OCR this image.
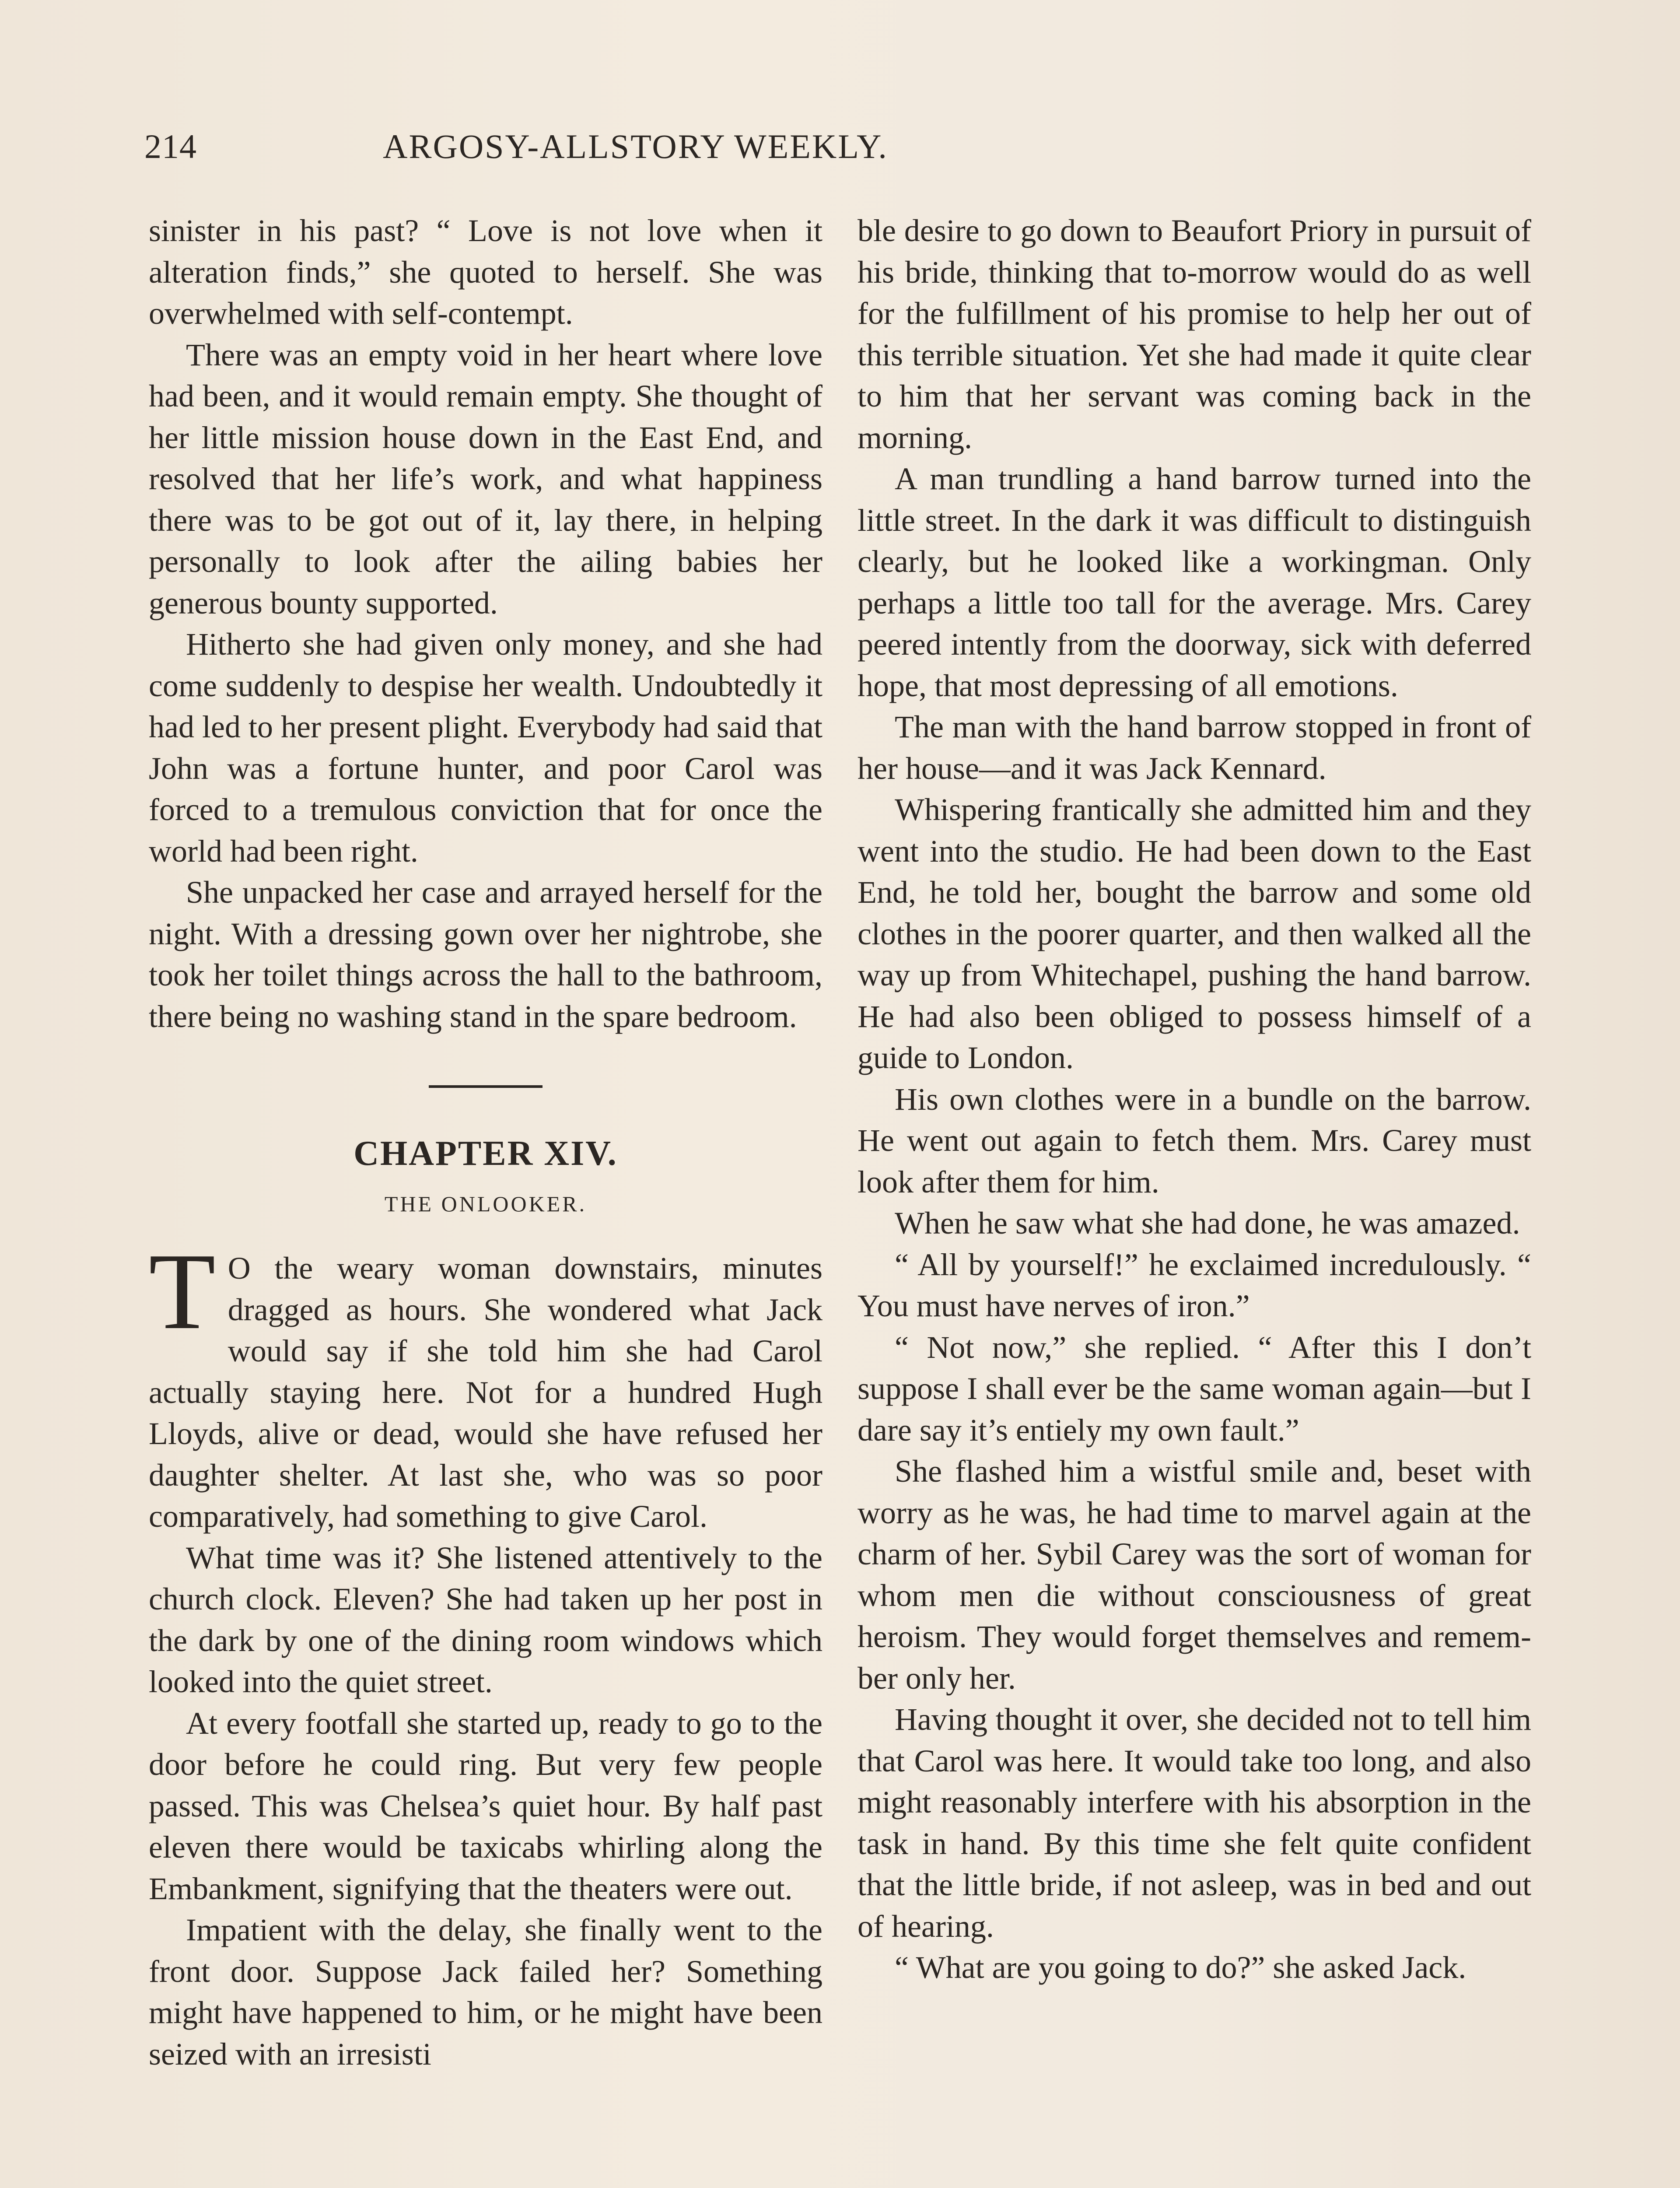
214	ARGOSY-ALLSTORY WEEKLY.

sinister in his past? “ Love is not love when it alteration finds,” she quoted to herself. She was overwhelmed with self-contempt.

There was an empty void in her heart where love had been, and it would remain empty. She thought of her little mission house down in the East End, and resolved that her life’s work, and what happiness there was to be got out of it, lay there, in helping personally to look after the ailing babies her generous bounty supported.

Hitherto she had given only money, and she had come suddenly to despise her wealth. Undoubtedly it had led to her present plight. Everybody had said that John was a fortune hunter, and poor Carol was forced to a tremulous conviction that for once the world had been right.

She unpacked her case and arrayed herself for the night. With a dressing gown over her nightrobe, she took her toilet things across the hall to the bathroom, there being no washing stand in the spare bedroom.

CHAPTER XIV.
THE ONLOOKER.

T O the weary woman downstairs, minutes dragged as hours. She wondered what Jack would say if she told him she had Carol actually staying here. Not for a hundred Hugh Lloyds, alive or dead, would she have refused her daughter shelter. At last she, who was so poor comparatively, had something to give Carol.

What time was it? She listened attentively to the church clock. Eleven? She had taken up her post in the dark by one of the dining room windows which looked into the quiet street.

At every footfall she started up, ready to go to the door before he could ring. But very few people passed. This was Chelsea’s quiet hour. By half past eleven there would be taxicabs whirling along the Embankment, signifying that the theaters were out.

Impatient with the delay, she finally went to the front door. Suppose Jack failed her? Something might have happened to him, or he might have been seized with an irresisti

ble desire to go down to Beaufort Priory in pursuit of his bride, thinking that to-morrow would do as well for the fulfillment of his promise to help her out of this terrible situation. Yet she had made it quite clear to him that her servant was coming back in the morning.

A man trundling a hand barrow turned into the little street. In the dark it was difficult to distinguish clearly, but he looked like a workingman. Only perhaps a little too tall for the average. Mrs. Carey peered intently from the doorway, sick with deferred hope, that most depressing of all emotions.

The man with the hand barrow stopped in front of her house—and it was Jack Kennard.

Whispering frantically she admitted him and they went into the studio. He had been down to the East End, he told her, bought the barrow and some old clothes in the poorer quarter, and then walked all the way up from Whitechapel, pushing the hand barrow. He had also been obliged to possess himself of a guide to London.

His own clothes were in a bundle on the barrow. He went out again to fetch them. Mrs. Carey must look after them for him.

When he saw what she had done, he was amazed.

“ All by yourself!” he exclaimed incredulously. “ You must have nerves of iron.”

“ Not now,” she replied. “ After this I don’t suppose I shall ever be the same woman again—but I dare say it’s entiely my own fault.”

She flashed him a wistful smile and, beset with worry as he was, he had time to marvel again at the charm of her. Sybil Carey was the sort of woman for whom men die without consciousness of great heroism. They would forget themselves and remember only her.

Having thought it over, she decided not to tell him that Carol was here. It would take too long, and also might reasonably interfere with his absorption in the task in hand. By this time she felt quite confident that the little bride, if not asleep, was in bed and out of hearing.

“ What are you going to do?” she asked Jack.
